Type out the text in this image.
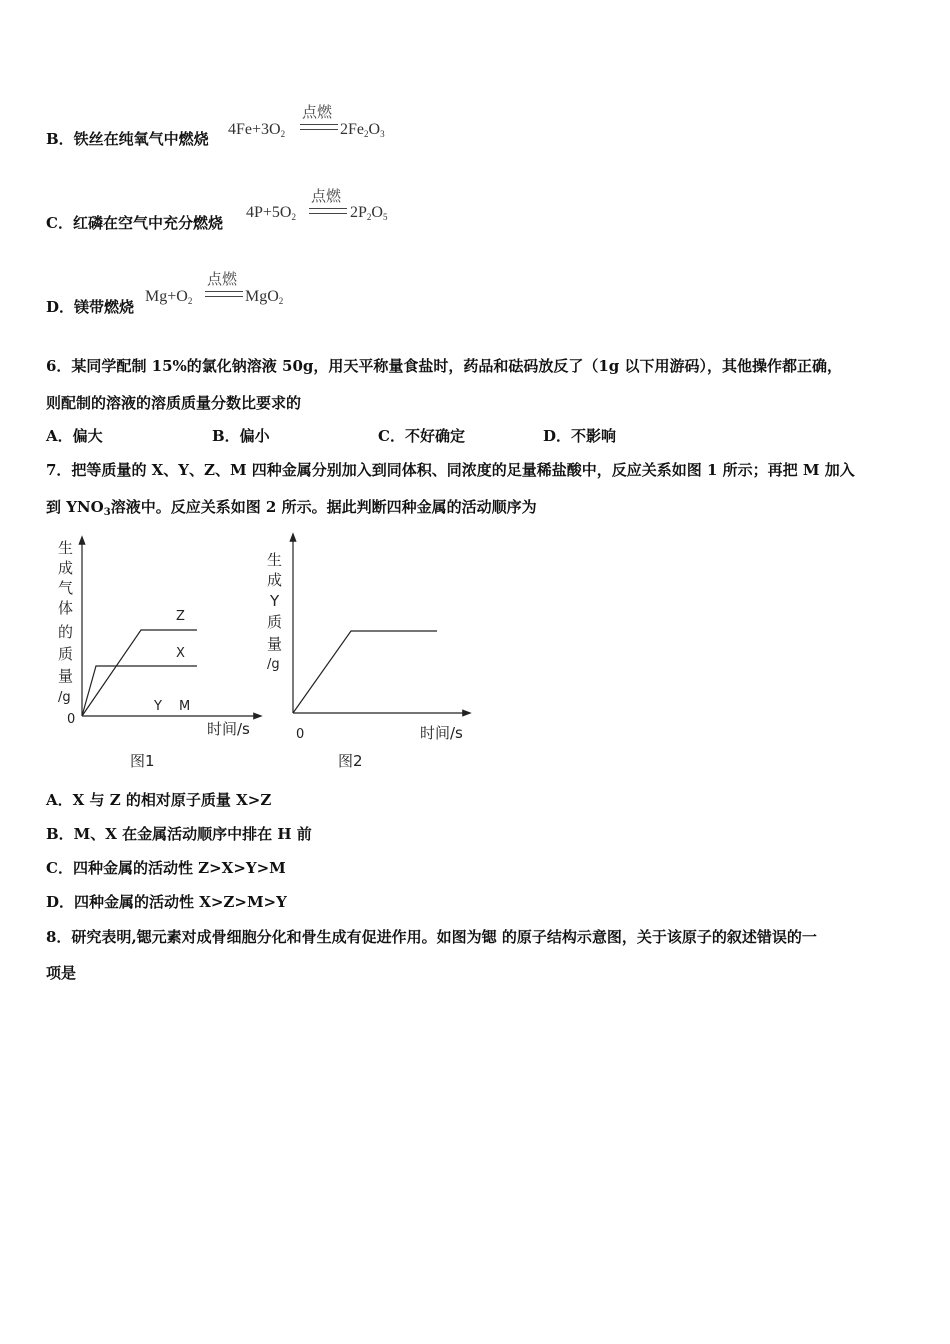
B．铁丝在纯氧气中燃烧
$4Fe+3O_2$
点燃
$2Fe_2O_3$
C．红磷在空气中充分燃烧
$4P+5O_2$
点燃
$2P_2O_5$
D．镁带燃烧
$Mg+O_2$
点燃
MgO$_2$
6．某同学配制 15%的氯化钠溶液 50g，用天平称量食盐时，药品和砝码放反了（1g 以下用游码），其他操作都正确，
则配制的溶液的溶质质量分数比要求的
A．偏大	B．偏小	C．不好确定	D．不影响
7．把等质量的 X、Y、Z、M 四种金属分别加入到同体积、同浓度的足量稀盐酸中，反应关系如图 1 所示；再把 M 加入
到 $YNO_3$溶液中。反应关系如图 2 所示。据此判断四种金属的活动顺序为
生
成
气
体
的
质
量
/g
0
时间/s
Z
X
Y M
图1
生
成
Y
质
量
/g
0	时间/s
图2
A．X 与 Z 的相对原子质量 X>Z
B．M、X 在金属活动顺序中排在 H 前
C．四种金属的活动性 Z>X>Y>M
D．四种金属的活动性 X>Z>M>Y
8．研究表明,锶元素对成骨细胞分化和骨生成有促进作用。如图为锶 的原子结构示意图，关于该原子的叙述错误的一
项是
